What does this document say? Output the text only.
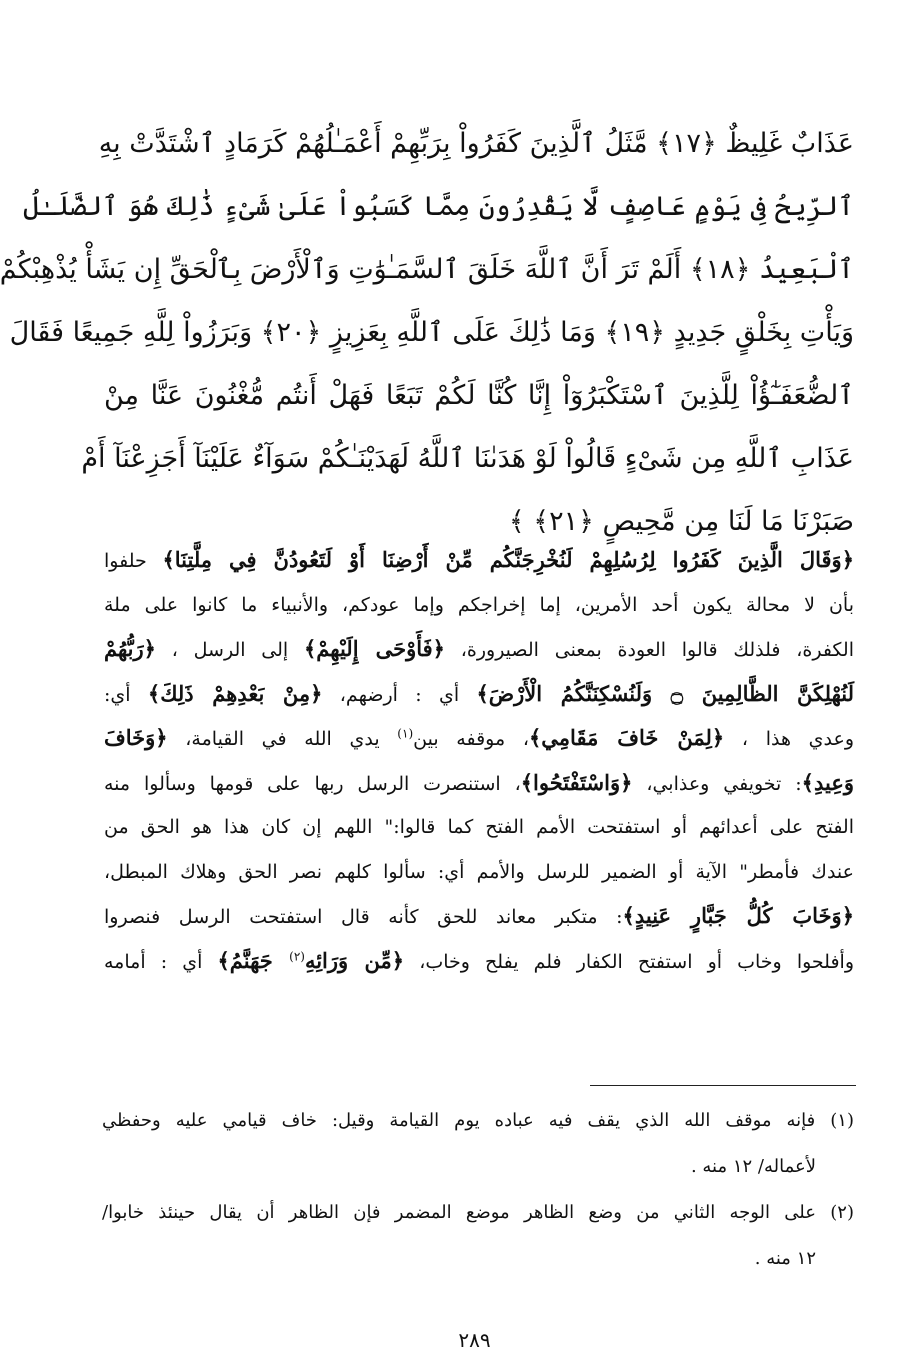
عَذَابٌ غَلِيظٌ ﴿١٧﴾ مَّثَلُ ٱلَّذِينَ كَفَرُواْ بِرَبِّهِمْ أَعْمَـٰلُهُمْ كَرَمَادٍ ٱشْتَدَّتْ بِهِ
ٱلرِّيحُ فِى يَوْمٍ عَاصِفٍ لَّا يَقْدِرُونَ مِمَّا كَسَبُواْ عَلَىٰ شَىْءٍ ذَٰلِكَ هُوَ ٱلضَّلَـٰلُ
ٱلْبَعِيدُ ﴿١٨﴾ أَلَمْ تَرَ أَنَّ ٱللَّهَ خَلَقَ ٱلسَّمَـٰوَٰتِ وَٱلْأَرْضَ بِٱلْحَقِّ إِن يَشَأْ يُذْهِبْكُمْ
وَيَأْتِ بِخَلْقٍ جَدِيدٍ ﴿١٩﴾ وَمَا ذَٰلِكَ عَلَى ٱللَّهِ بِعَزِيزٍ ﴿٢٠﴾ وَبَرَزُواْ لِلَّهِ جَمِيعًا فَقَالَ
ٱلضُّعَفَـٰٓؤُاْ لِلَّذِينَ ٱسْتَكْبَرُوٓاْ إِنَّا كُنَّا لَكُمْ تَبَعًا فَهَلْ أَنتُم مُّغْنُونَ عَنَّا مِنْ
عَذَابِ ٱللَّهِ مِن شَىْءٍ قَالُواْ لَوْ هَدَىٰنَا ٱللَّهُ لَهَدَيْنَـٰكُمْ سَوَآءٌ عَلَيْنَآ أَجَزِعْنَآ أَمْ
صَبَرْنَا مَا لَنَا مِن مَّحِيصٍ ﴿٢١﴾ ﴾
﴿وَقَالَ الَّذِينَ كَفَرُوا لِرُسُلِهِمْ لَنُخْرِجَنَّكُم مِّنْ أَرْضِنَا أَوْ لَتَعُودُنَّ فِي مِلَّتِنَا﴾ حلفوا
بأن لا محالة يكون أحد الأمرين، إما إخراجكم وإما عودكم، والأنبياء ما كانوا على ملة
الكفرة، فلذلك قالوا العودة بمعنى الصيرورة، ﴿فَأَوْحَى إِلَيْهِمْ﴾ إلى الرسل ، ﴿رَبُّهُمْ
لَنُهْلِكَنَّ الظَّالِمِينَ ۝ وَلَنُسْكِنَنَّكُمُ الْأَرْضَ﴾ أي : أرضهم، ﴿مِنْ بَعْدِهِمْ ذَلِكَ﴾ أي:
وعدي هذا ، ﴿لِمَنْ خَافَ مَقَامِي﴾، موقفه بين$^{(١)}$ يدي الله في القيامة، ﴿وَخَافَ
وَعِيدِ﴾: تخويفي وعذابي، ﴿وَاسْتَفْتَحُوا﴾، استنصرت الرسل ربها على قومها وسألوا منه
الفتح على أعدائهم أو استفتحت الأمم الفتح كما قالوا:" اللهم إن كان هذا هو الحق من
عندك فأمطر" الآية أو الضمير للرسل والأمم أي: سألوا كلهم نصر الحق وهلاك المبطل،
﴿وَخَابَ كُلُّ جَبَّارٍ عَنِيدٍ﴾: متكبر معاند للحق كأنه قال استفتحت الرسل فنصروا
وأفلحوا وخاب أو استفتح الكفار فلم يفلح وخاب، ﴿مِّن وَرَائِهِ$^{(٢)}$ جَهَنَّمُ﴾ أي : أمامه
(١) فإنه موقف الله الذي يقف فيه عباده يوم القيامة وقيل: خاف قيامي عليه وحفظي
لأعماله/ ١٢ منه .
(٢) على الوجه الثاني من وضع الظاهر موضع المضمر فإن الظاهر أن يقال حينئذ خابوا/
١٢ منه .
٢٨٩
